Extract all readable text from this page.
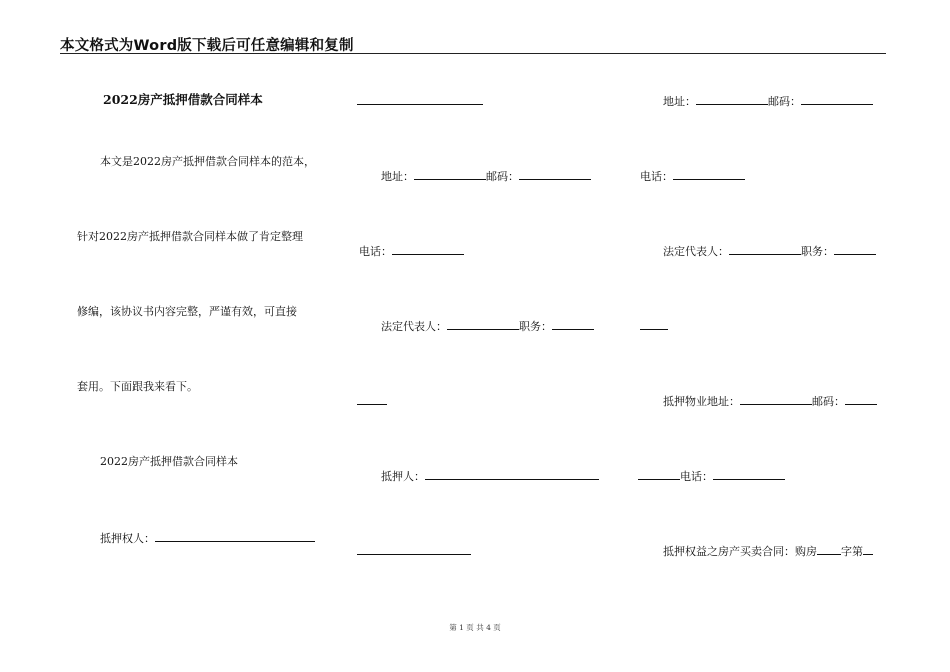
本文格式为Word版下载后可任意编辑和复制
2022房产抵押借款合同样本
本文是2022房产抵押借款合同样本的范本，
针对2022房产抵押借款合同样本做了肯定整理
修编，该协议书内容完整，严谨有效，可直接
套用。下面跟我来看下。
2022房产抵押借款合同样本
抵押权人：
地址：	邮码：
电话：
法定代表人：	职务：
抵押人：
电话：
电话：
地址：	邮码：
法定代表人：	职务：
抵押物业地址：	邮码：
抵押权益之房产买卖合同：购房 字第
第 1 页 共 4 页
